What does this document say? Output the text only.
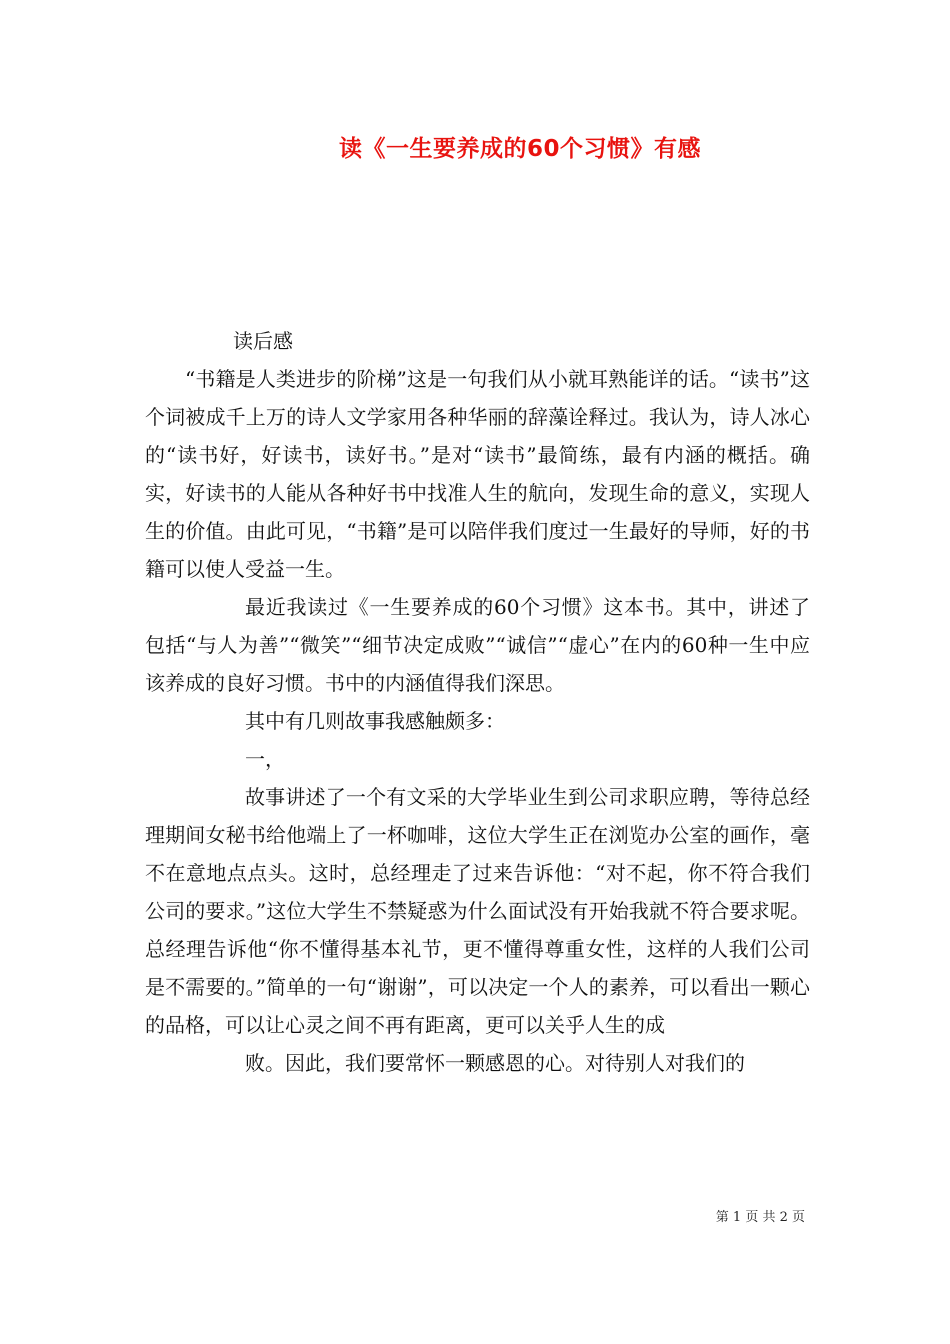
读《一生要养成的60个习惯》有感

读后感

“书籍是人类进步的阶梯”这是一句我们从小就耳熟能详的话。“读书”这个词被成千上万的诗人文学家用各种华丽的辞藻诠释过。我认为，诗人冰心的“读书好，好读书，读好书。”是对“读书”最简练，最有内涵的概括。确实，好读书的人能从各种好书中找准人生的航向，发现生命的意义，实现人生的价值。由此可见，“书籍”是可以陪伴我们度过一生最好的导师，好的书籍可以使人受益一生。

最近我读过《一生要养成的60个习惯》这本书。其中，讲述了包括“与人为善”“微笑”“细节决定成败”“诚信”“虚心”在内的60种一生中应该养成的良好习惯。书中的内涵值得我们深思。

其中有几则故事我感触颇多：

一，

故事讲述了一个有文采的大学毕业生到公司求职应聘，等待总经理期间女秘书给他端上了一杯咖啡，这位大学生正在浏览办公室的画作，毫不在意地点点头。这时，总经理走了过来告诉他：“对不起，你不符合我们公司的要求。”这位大学生不禁疑惑为什么面试没有开始我就不符合要求呢。总经理告诉他“你不懂得基本礼节，更不懂得尊重女性，这样的人我们公司是不需要的。”简单的一句“谢谢”，可以决定一个人的素养，可以看出一颗心的品格，可以让心灵之间不再有距离，更可以关乎人生的成

败。因此，我们要常怀一颗感恩的心。对待别人对我们的

第 1 页 共 2 页
